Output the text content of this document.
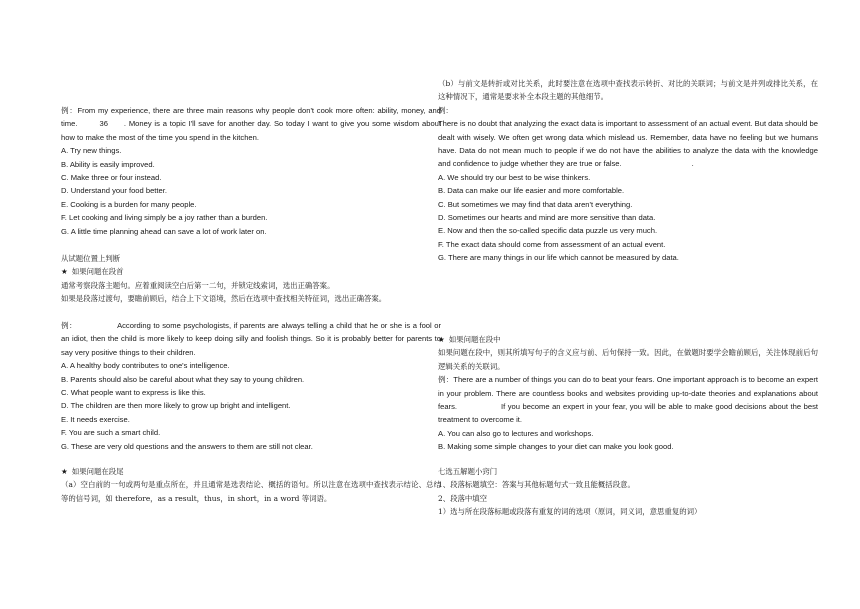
例：From my experience, there are three main reasons why people don't cook more often: ability, money, and time.	36 . Money is a topic I'll save for another day. So today I want to give you some wisdom about how to make the most of the time you spend in the kitchen.

A. Try new things.

B. Ability is easily improved.

C. Make three or four instead.

D. Understand your food better.

E. Cooking is a burden for many people.

F. Let cooking and living simply be a joy rather than a burden.

G. A little time planning ahead can save a lot of work later on.

从试题位置上判断

★ 如果问题在段首

通常考察段落主题句。应着重阅读空白后第一二句，并锁定线索词，选出正确答案。

如果是段落过渡句，要瞻前顾后，结合上下文语境，然后在选项中查找相关特征词，选出正确答案。

例：	According to some psychologists, if parents are always telling a child that he or she is a fool or an idiot, then the child is more likely to keep doing silly and foolish things. So it is probably better for parents to say very positive things to their children.

A. A healthy body contributes to one's intelligence.

B. Parents should also be careful about what they say to young children.

C. What people want to express is like this.

D. The children are then more likely to grow up bright and intelligent.

E. It needs exercise.

F. You are such a smart child.

G. These are very old questions and the answers to them are still not clear.

★ 如果问题在段尾

（a）空白前的一句或两句是重点所在，并且通常是选表结论、概括的语句。所以注意在选项中查找表示结论、总结等的信号词，如 therefore，as a result，thus，in short，in a word 等词语。

（b）与前文是转折或对比关系，此时要注意在选项中查找表示转折、对比的关联词；与前文是并列或排比关系，在这种情况下，通常是要求补全本段主题的其他细节。

例：

There is no doubt that analyzing the exact data is important to assessment of an actual event. But data should be dealt with wisely. We often get wrong data which mislead us. Remember, data have no feeling but we humans have. Data do not mean much to people if we do not have the abilities to analyze the data with the knowledge and confidence to judge whether they are true or false.	.

A. We should try our best to be wise thinkers.

B. Data can make our life easier and more comfortable.

C. But sometimes we may find that data aren't everything.

D. Sometimes our hearts and mind are more sensitive than data.

E. Now and then the so-called specific data puzzle us very much.

F. The exact data should come from assessment of an actual event.

G. There are many things in our life which cannot be measured by data.

★ 如果问题在段中

如果问题在段中，则其所填写句子的含义应与前、后句保持一致。因此，在做题时要学会瞻前顾后，关注体现前后句逻辑关系的关联词。

例：There are a number of things you can do to beat your fears. One important approach is to become an expert in your problem. There are countless books and websites providing up-to-date theories and explanations about fears.	If you become an expert in your fear, you will be able to make good decisions about the best treatment to overcome it.

A. You can also go to lectures and workshops.

B. Making some simple changes to your diet can make you look good.

七选五解题小窍门

1、段落标题填空：答案与其他标题句式一致且能概括段意。

2、段落中填空

1）选与所在段落标题或段落有重复的词的选项（原词，同义词，意思重复的词）
